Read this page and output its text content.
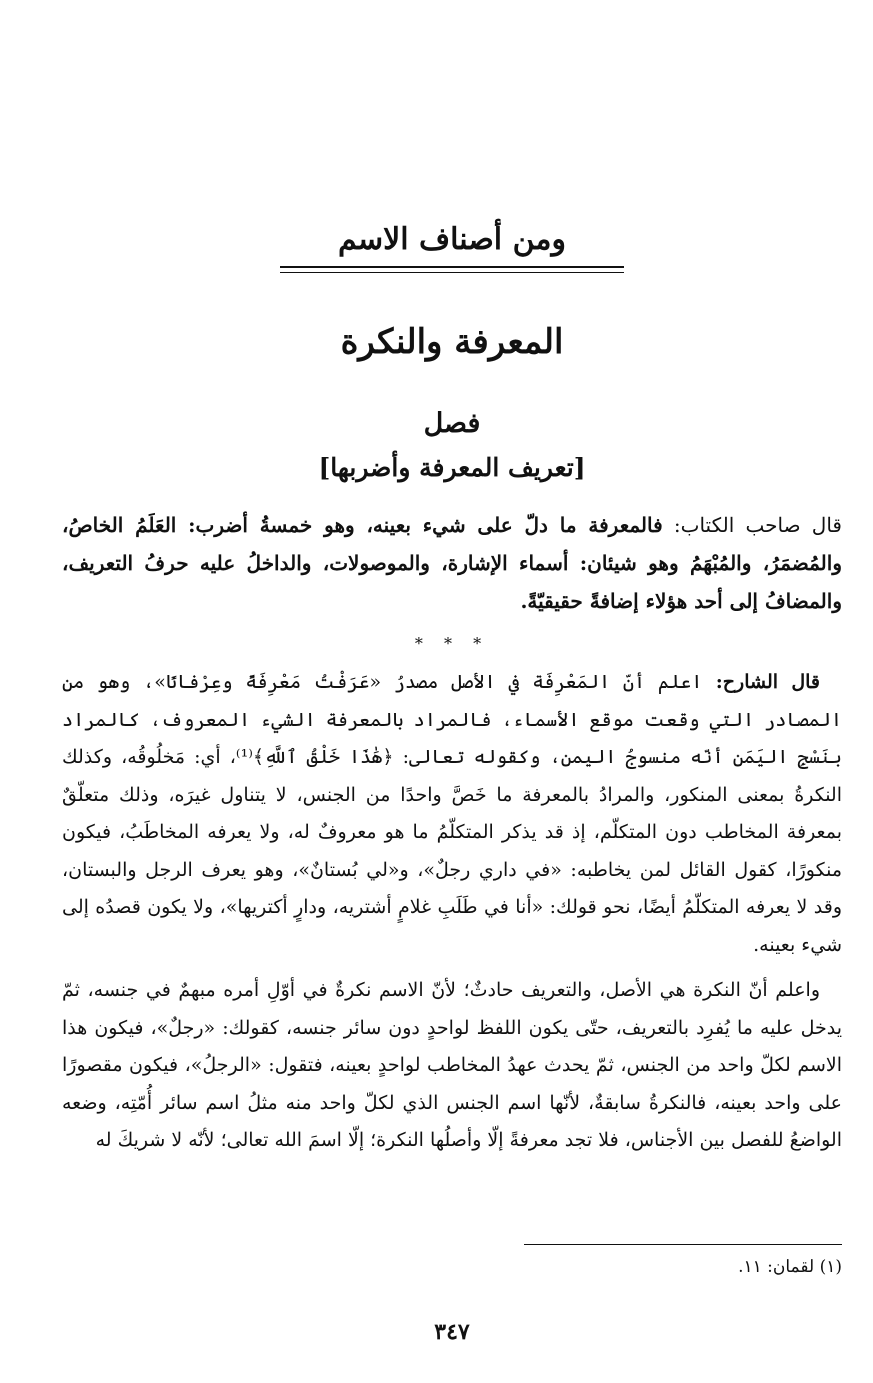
ومن أصناف الاسم
المعرفة والنكرة
فصل
[تعريف المعرفة وأضربها]
قال صاحب الكتاب: فالمعرفة ما دلّ على شيء بعينه، وهو خمسةُ أضرب: العَلَمُ الخاصُ، والمُضمَرُ، والمُبْهَمُ وهو شيئان: أسماء الإشارة، والموصولات، والداخلُ عليه حرفُ التعريف، والمضافُ إلى أحد هؤلاء إضافةً حقيقيّةً.
* * *

قال الشارح: اعلم أنّ المَعْرِفَة في الأصل مصدرُ «عَرَفْتُ مَعْرِفَةً وعِرْفانًا»، وهو من المصادر التي وقعت موقع الأسماء، فالمراد بالمعرفة الشيء المعروف، كالمراد بنَسْجِ اليَمَن أنّه منسوجُ اليمن، وكقوله تعالى: ﴿هَٰذَا خَلْقُ ٱللَّهِ﴾⁽¹⁾، أي: مَخلُوقُه، وكذلك النكرةُ بمعنى المنكور، والمرادُ بالمعرفة ما خَصَّ واحدًا من الجنس، لا يتناول غيرَه، وذلك متعلّقٌ بمعرفة المخاطب دون المتكلّم، إذ قد يذكر المتكلّمُ ما هو معروفٌ له، ولا يعرفه المخاطَبُ، فيكون منكورًا، كقول القائل لمن يخاطبه: «في داري رجلٌ»، و«لي بُستانٌ»، وهو يعرف الرجل والبستان، وقد لا يعرفه المتكلّمُ أيضًا، نحو قولك: «أنا في طَلَبِ غلامٍ أشتريه، ودارٍ أكتريها»، ولا يكون قصدُه إلى شيء بعينه.

واعلم أنّ النكرة هي الأصل، والتعريف حادثٌ؛ لأنّ الاسم نكرةٌ في أوّلِ أمره مبهمٌ في جنسه، ثمّ يدخل عليه ما يُفرِد بالتعريف، حتّى يكون اللفظ لواحدٍ دون سائر جنسه، كقولك: «رجلٌ»، فيكون هذا الاسم لكلّ واحد من الجنس، ثمّ يحدث عهدُ المخاطب لواحدٍ بعينه، فتقول: «الرجلُ»، فيكون مقصورًا على واحد بعينه، فالنكرةُ سابقةٌ، لأنّها اسم الجنس الذي لكلّ واحد منه مثلُ اسم سائر أُمّتِه، وضعه الواضعُ للفصل بين الأجناس، فلا تجد معرفةً إلّا وأصلُها النكرة؛ إلّا اسمَ الله تعالى؛ لأنّه لا شريكَ له

(١) لقمان: ١١.
٣٤٧
